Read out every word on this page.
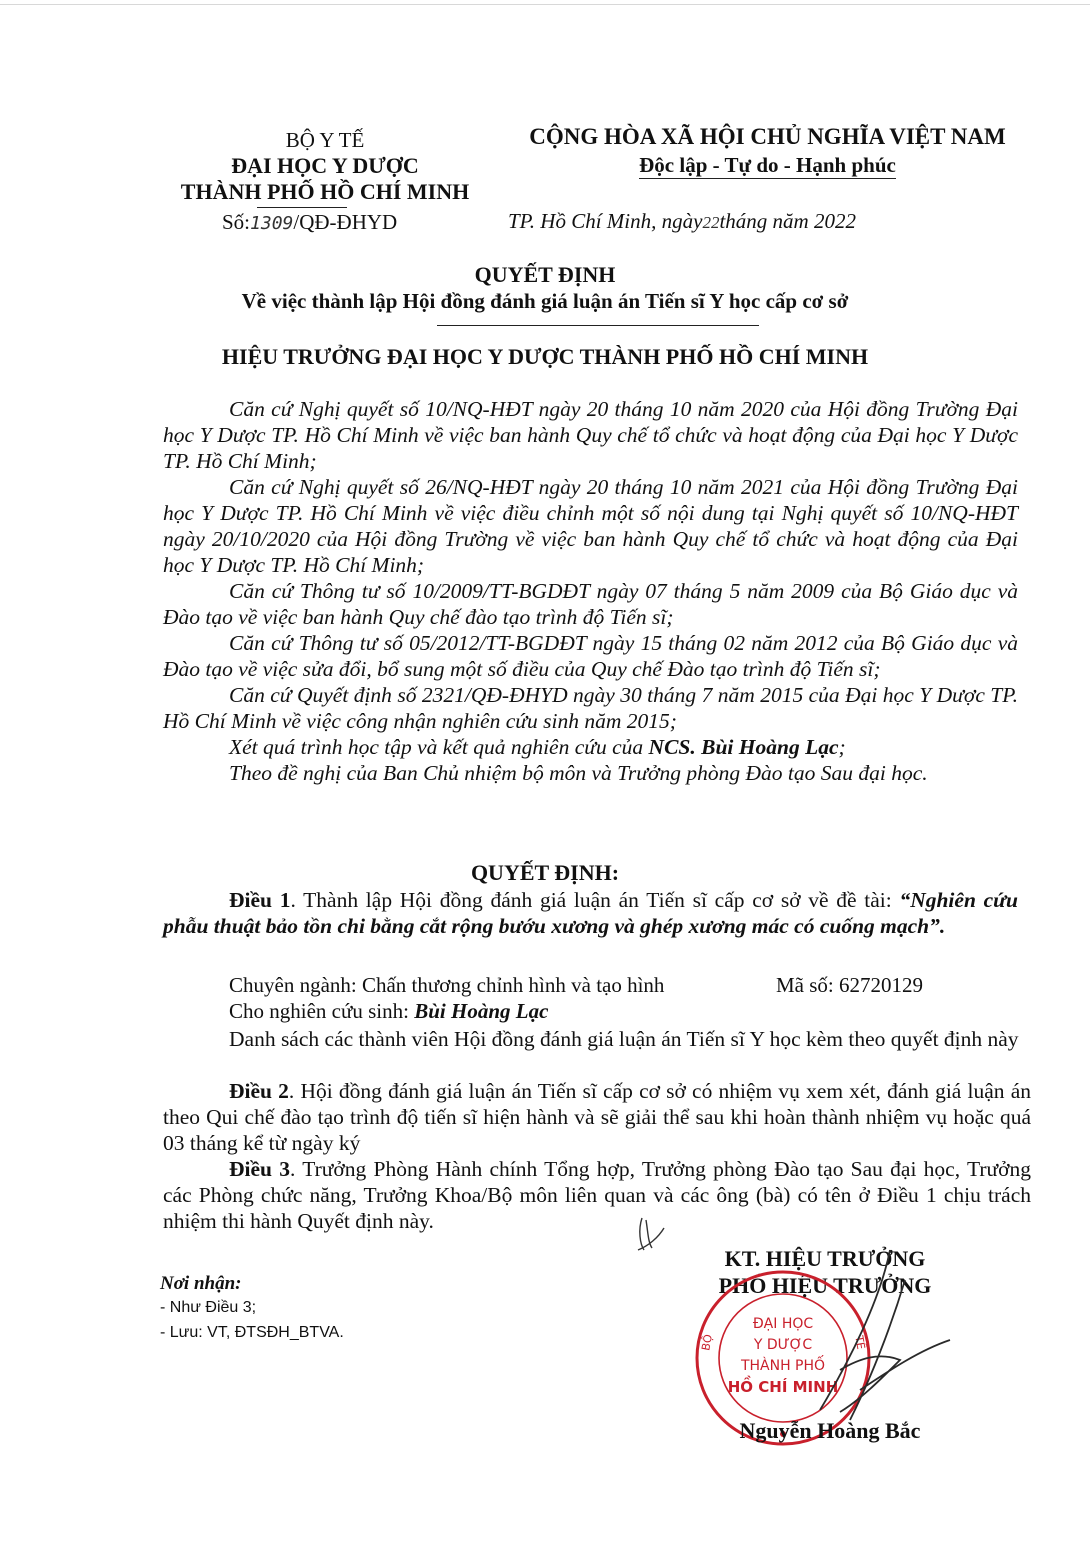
BỘ Y TẾ
ĐẠI HỌC Y DƯỢC
THÀNH PHỐ HỒ CHÍ MINH
Số:1309/QĐ-ĐHYD
CỘNG HÒA XÃ HỘI CHỦ NGHĨA VIỆT NAM
Độc lập - Tự do - Hạnh phúc
TP. Hồ Chí Minh, ngày22tháng năm 2022
QUYẾT ĐỊNH
Về việc thành lập Hội đồng đánh giá luận án Tiến sĩ Y học cấp cơ sở
HIỆU TRƯỞNG ĐẠI HỌC Y DƯỢC THÀNH PHỐ HỒ CHÍ MINH
Căn cứ Nghị quyết số 10/NQ-HĐT ngày 20 tháng 10 năm 2020 của Hội đồng Trường Đại học Y Dược TP. Hồ Chí Minh về việc ban hành Quy chế tổ chức và hoạt động của Đại học Y Dược TP. Hồ Chí Minh;
Căn cứ Nghị quyết số 26/NQ-HĐT ngày 20 tháng 10 năm 2021 của Hội đồng Trường Đại học Y Dược TP. Hồ Chí Minh về việc điều chỉnh một số nội dung tại Nghị quyết số 10/NQ-HĐT ngày 20/10/2020 của Hội đồng Trường về việc ban hành Quy chế tổ chức và hoạt động của Đại học Y Dược TP. Hồ Chí Minh;
Căn cứ Thông tư số 10/2009/TT-BGDĐT ngày 07 tháng 5 năm 2009 của Bộ Giáo dục và Đào tạo về việc ban hành Quy chế đào tạo trình độ Tiến sĩ;
Căn cứ Thông tư số 05/2012/TT-BGDĐT ngày 15 tháng 02 năm 2012 của Bộ Giáo dục và Đào tạo về việc sửa đổi, bổ sung một số điều của Quy chế Đào tạo trình độ Tiến sĩ;
Căn cứ Quyết định số 2321/QĐ-ĐHYD ngày 30 tháng 7 năm 2015 của Đại học Y Dược TP. Hồ Chí Minh về việc công nhận nghiên cứu sinh năm 2015;
Xét quá trình học tập và kết quả nghiên cứu của NCS. Bùi Hoàng Lạc;
Theo đề nghị của Ban Chủ nhiệm bộ môn và Trưởng phòng Đào tạo Sau đại học.
QUYẾT ĐỊNH:
Điều 1. Thành lập Hội đồng đánh giá luận án Tiến sĩ cấp cơ sở về đề tài: “Nghiên cứu phẫu thuật bảo tồn chi bằng cắt rộng bướu xương và ghép xương mác có cuống mạch”.
Chuyên ngành: Chấn thương chỉnh hình và tạo hình	Mã số: 62720129
Cho nghiên cứu sinh: Bùi Hoàng Lạc
Danh sách các thành viên Hội đồng đánh giá luận án Tiến sĩ Y học kèm theo quyết định này
Điều 2. Hội đồng đánh giá luận án Tiến sĩ cấp cơ sở có nhiệm vụ xem xét, đánh giá luận án theo Qui chế đào tạo trình độ tiến sĩ hiện hành và sẽ giải thể sau khi hoàn thành nhiệm vụ hoặc quá 03 tháng kể từ ngày ký
Điều 3. Trưởng Phòng Hành chính Tổng hợp, Trưởng phòng Đào tạo Sau đại học, Trưởng các Phòng chức năng, Trưởng Khoa/Bộ môn liên quan và các ông (bà) có tên ở Điều 1 chịu trách nhiệm thi hành Quyết định này.
Nơi nhận:
- Như Điều 3;
- Lưu: VT, ĐTSĐH_BTVA.
KT. HIỆU TRƯỞNG
PHÓ HIỆU TRƯỞNG
ĐẠI HỌC
Y DƯỢC
THÀNH PHỐ
HỒ CHÍ MINH
BỘ	TẾ
Nguyễn Hoàng Bắc
